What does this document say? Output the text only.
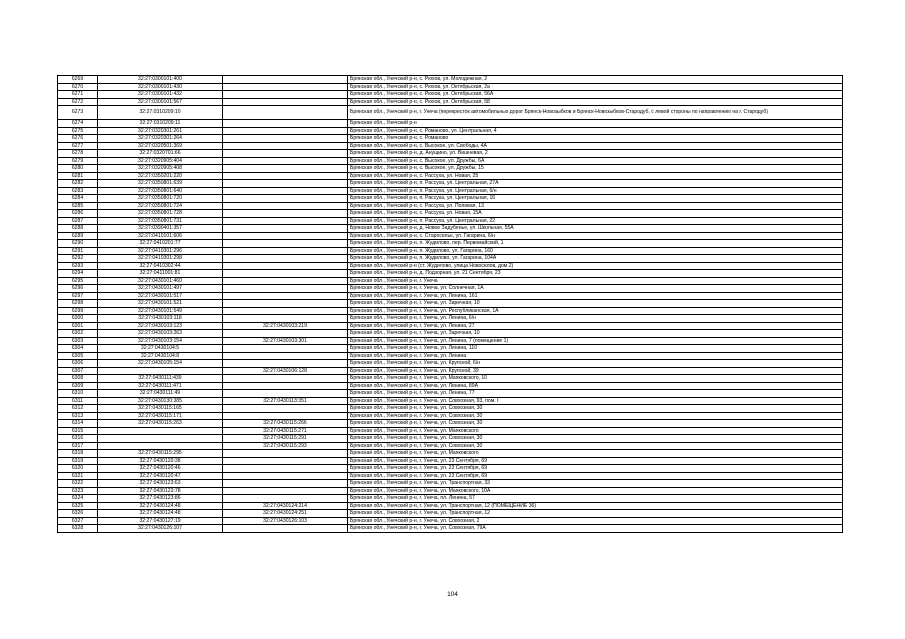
6269	32:27:0300101:400			Брянская обл., Унечский р-н, с. Рюхов, ул. Молодежная, 2
6270	32:27:0300101:430			Брянская обл., Унечский р-н, с. Рюхов, ул. Октябрьская, 2а
6271	32:27:0300101:432			Брянская обл., Унечский р-н, с. Рюхов, ул. Октябрьская, 56А
6272	32:27:0300101:567			Брянская обл., Унечский р-н, с. Рюхов, ул. Октябрьская, 58
6273	32:27:0310209:10			Брянская обл., Унечский р-н, г. Унеча (перекресток автомобильных дорог Брянск-Новозыбков и Брянск-Новозыбков-Стародуб, с левой стороны по направлению на г. Стародуб)
6274	32:27:0310209:11			Брянская обл., Унечский р-н
6275	32:27:0320301:261			Брянская обл., Унечский р-н, с. Романово, ул. Центральная, 4
6276	32:27:0320301:264			Брянская обл., Унечский р-н, с. Романово
6277	32:27:0320501:369			Брянская обл., Унечский р-н, с. Высокое, ул. Свободы, 4А
6278	32:27:0320701:66			Брянская обл., Унечский р-н, д. Анущино, ул. Вишневая, 2
6279	32:27:0320905:404			Брянская обл., Унечский р-н, с. Высокое, ул. Дружбы, 6А
6280	32:27:0320905:408			Брянская обл., Унечский р-н, с. Высокое, ул. Дружбы, 15
6281	32:27:0350201:220			Брянская обл., Унечский р-н, с. Рассуха, ул. Новая, 25
6282	32:27:0350801:639			Брянская обл., Унечский р-н, п. Рассуха, ул. Центральная, 27А
6283	32:27:0350801:640			Брянская обл., Унечский р-н, п. Рассуха, ул. Центральная, 6/н
6284	32:27:0350801:720			Брянская обл., Унечский р-н, п. Рассуха, ул. Центральная, 16
6285	32:27:0350801:724			Брянская обл., Унечский р-н, с. Рассуха, ул. Полевая, 13
6286	32:27:0350801:728			Брянская обл., Унечский р-н, с. Рассуха, ул. Новая, 15А
6287	32:27:0350801:731			Брянская обл., Унечский р-н, п. Рассуха, ул. Центральная, 22
6288	32:27:0390401:357			Брянская обл., Унечский р-н, д. Новое Задубенье, ул. Школьная, 55А
6289	32:27:0410101:606			Брянская обл., Унечский р-н, с. Старосельє, ул. Гагарина, 6/н
6290	32:27:0410201:77			Брянская обл., Унечский р-н, п. Жудилово, пер. Первомайский, 1
6291	32:27:0410301:296			Брянская обл., Унечский р-н, п. Жудилово, ул. Гагарина, 160
6292	32:27:0410301:298			Брянская обл., Унечский р-н, п. Жудилово, ул. Гагарина, 104А
6293	32:27:0410302:44			Брянская обл., Унечский р-н (ст. Жудилово, улица Новоселов, дом 2)
6294	32:27:0411001:81			Брянская обл., Унечский р-н, д. Подзорная, ул. 21 Сентября, 23
6295	32:27:0430101:460			Брянская обл., Унечский р-н, г. Унеча
6296	32:27:0430101:497			Брянская обл., Унечский р-н, г. Унеча, ул. Солнечная, 1А
6297	32:27:0430101:517			Брянская обл., Унечский р-н, г. Унеча, ул. Ленина, 161
6298	32:27:0430101:521			Брянская обл., Унечский р-н, г. Унеча, ул. Заречная, 10
6299	32:27:0430101:549			Брянская обл., Унечский р-н, г. Унеча, ул. Республиканская, 1А
6300	32:27:0430103:118			Брянская обл., Унечский р-н, г. Унеча, ул. Ленина, 6/н
6301	32:27:0430103:123	32:27:0430103:219		Брянская обл., Унечский р-н, г. Унеча, ул. Ленина, 27
6302	32:27:0430103:263			Брянская обл., Унечский р-н, г. Унеча, ул. Заречная, 10
6303	32:27:0430103:154	32:27:0430103:301		Брянская обл., Унечский р-н, г. Унеча, ул. Ленина, 7 (помещение 1)
6304	32:27:0430104:5			Брянская обл., Унечский р-н, г. Унеча, ул. Ленина, 110
6305	32:27:0430104:8			Брянская обл., Унечский р-н, г. Унеча, ул. Ленина
6306	32:27:0430105:154			Брянская обл., Унечский р-н, г. Унеча, ул. Крупской, 6/н
6307		32:27:0430106:128		Брянская обл., Унечский р-н, г. Унеча, ул. Крупской, 39
6308	32:27:0430111:439			Брянская обл., Унечский р-н, г. Унеча, ул. Маяковского, 10
6309	32:27:0430111:471			Брянская обл., Унечский р-н, г. Унеча, ул. Ленина, 89А
6310	32:27:0430111:49			Брянская обл., Унечский р-н, г. Унеча, ул. Ленина, 77
6311	32:27:0430130:385	32:27:0430113:351		Брянская обл., Унечский р-н, г. Унеча, ул. Совхозная, 93, пом. I
6312	32:27:0430115:165			Брянская обл., Унечский р-н, г. Унеча, ул. Совхозная, 30
6313	32:27:0430115:171			Брянская обл., Унечский р-н, г. Унеча, ул. Совхозная, 30
6314	32:27:0430115:263	32:27:0430115:266		Брянская обл., Унечский р-н, г. Унеча, ул. Совхозная, 30
6315		32:27:0430115:271		Брянская обл., Унечский р-н, г. Унеча, ул. Маяковского
6316		32:27:0430115:291		Брянская обл., Унечский р-н, г. Унеча, ул. Совхозная, 30
6317		32:27:0430115:293		Брянская обл., Унечский р-н, г. Унеча, ул. Совхозная, 30
6318	32:27:0430115:295			Брянская обл., Унечский р-н, г. Унеча, ул. Маяковского
6319	32:27:0430120:38			Брянская обл., Унечский р-н, г. Унеча, ул. 23 Сентября, 69
6320	32:27:0430120:46			Брянская обл., Унечский р-н, г. Унеча, ул. 23 Сентября, 69
6321	32:27:0430120:47			Брянская обл., Унечский р-н, г. Унеча, ул. 23 Сентября, 69
6322	32:27:0430123:63			Брянская обл., Унечский р-н, г. Унеча, ул. Транспортная, 33
6323	32:27:0430123:78			Брянская обл., Унечский р-н, г. Унеча, ул. Маяковского, 10А
6324	32:27:0430123:86			Брянская обл., Унечский р-н, г. Унеча, пл. Ленина, 57
6325	32:27:0430124:48	32:27:0430124:214		Брянская обл., Унечский р-н, г. Унеча, ул. Транспортная, 12 (ПОМЕЩЕНИЕ 36)
6326	32:27:0430124:48	32:27:0430124:251		Брянская обл., Унечский р-н, г. Унеча, ул. Транспортная, 12
6327	32:27:0430127:19	32:27:0430126:103		Брянская обл., Унечский р-н, г. Унеча, ул. Совхозная, 2
6328	32:27:0430126:107			Брянская обл., Унечский р-н, г. Унеча, ул. Совхозная, 79А
104
